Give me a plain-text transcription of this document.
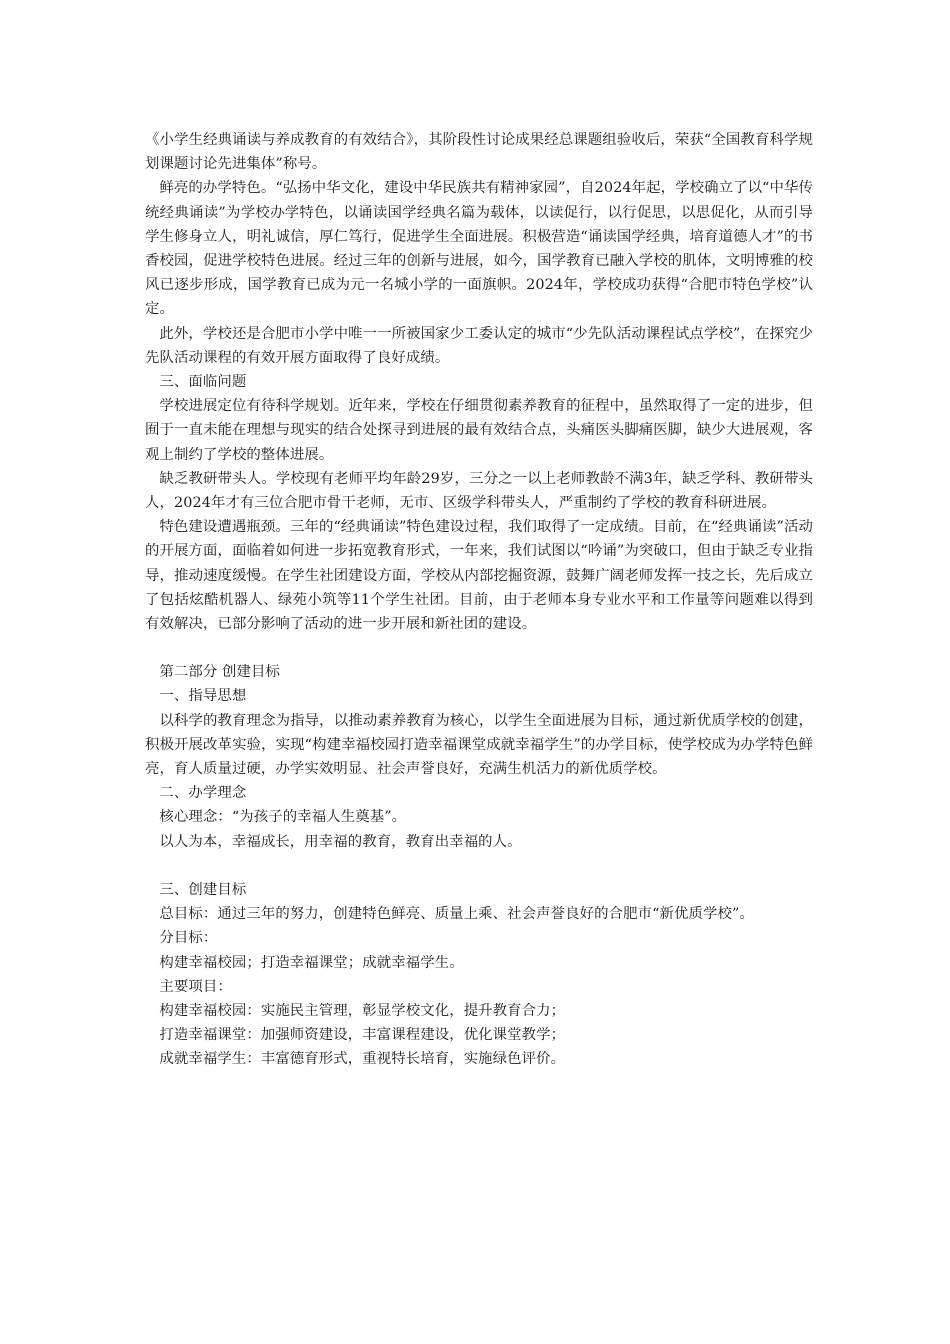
《小学生经典诵读与养成教育的有效结合》，其阶段性讨论成果经总课题组验收后，荣获“全国教育科学规划课题讨论先进集体”称号。

鲜亮的办学特色。“弘扬中华文化，建设中华民族共有精神家园”，自2024年起，学校确立了以“中华传统经典诵读”为学校办学特色，以诵读国学经典名篇为载体，以读促行，以行促思，以思促化，从而引导学生修身立人，明礼诚信，厚仁笃行，促进学生全面进展。积极营造“诵读国学经典，培育道德人才”的书香校园，促进学校特色进展。经过三年的创新与进展，如今，国学教育已融入学校的肌体，文明博雅的校风已逐步形成，国学教育已成为元一名城小学的一面旗帜。2024年，学校成功获得“合肥市特色学校”认定。

此外，学校还是合肥市小学中唯一一所被国家少工委认定的城市“少先队活动课程试点学校”，在探究少先队活动课程的有效开展方面取得了良好成绩。

三、面临问题

学校进展定位有待科学规划。近年来，学校在仔细贯彻素养教育的征程中，虽然取得了一定的进步，但囿于一直未能在理想与现实的结合处探寻到进展的最有效结合点，头痛医头脚痛医脚，缺少大进展观，客观上制约了学校的整体进展。

缺乏教研带头人。学校现有老师平均年龄29岁，三分之一以上老师教龄不满3年，缺乏学科、教研带头人，2024年才有三位合肥市骨干老师，无市、区级学科带头人，严重制约了学校的教育科研进展。

特色建设遭遇瓶颈。三年的“经典诵读”特色建设过程，我们取得了一定成绩。目前，在“经典诵读”活动的开展方面，面临着如何进一步拓宽教育形式，一年来，我们试图以“吟诵”为突破口，但由于缺乏专业指导，推动速度缓慢。在学生社团建设方面，学校从内部挖掘资源，鼓舞广阔老师发挥一技之长，先后成立了包括炫酷机器人、绿苑小筑等11个学生社团。目前，由于老师本身专业水平和工作量等问题难以得到有效解决，已部分影响了活动的进一步开展和新社团的建设。

第二部分 创建目标

一、指导思想

以科学的教育理念为指导，以推动素养教育为核心，以学生全面进展为目标，通过新优质学校的创建，积极开展改革实验，实现“构建幸福校园打造幸福课堂成就幸福学生”的办学目标，使学校成为办学特色鲜亮，育人质量过硬，办学实效明显、社会声誉良好，充满生机活力的新优质学校。

二、办学理念

核心理念：“为孩子的幸福人生奠基”。

以人为本，幸福成长，用幸福的教育，教育出幸福的人。

三、创建目标

总目标：通过三年的努力，创建特色鲜亮、质量上乘、社会声誉良好的合肥市“新优质学校”。

分目标：

构建幸福校园；打造幸福课堂；成就幸福学生。

主要项目：

构建幸福校园：实施民主管理，彰显学校文化，提升教育合力；

打造幸福课堂：加强师资建设，丰富课程建设，优化课堂教学；

成就幸福学生：丰富德育形式，重视特长培育，实施绿色评价。
